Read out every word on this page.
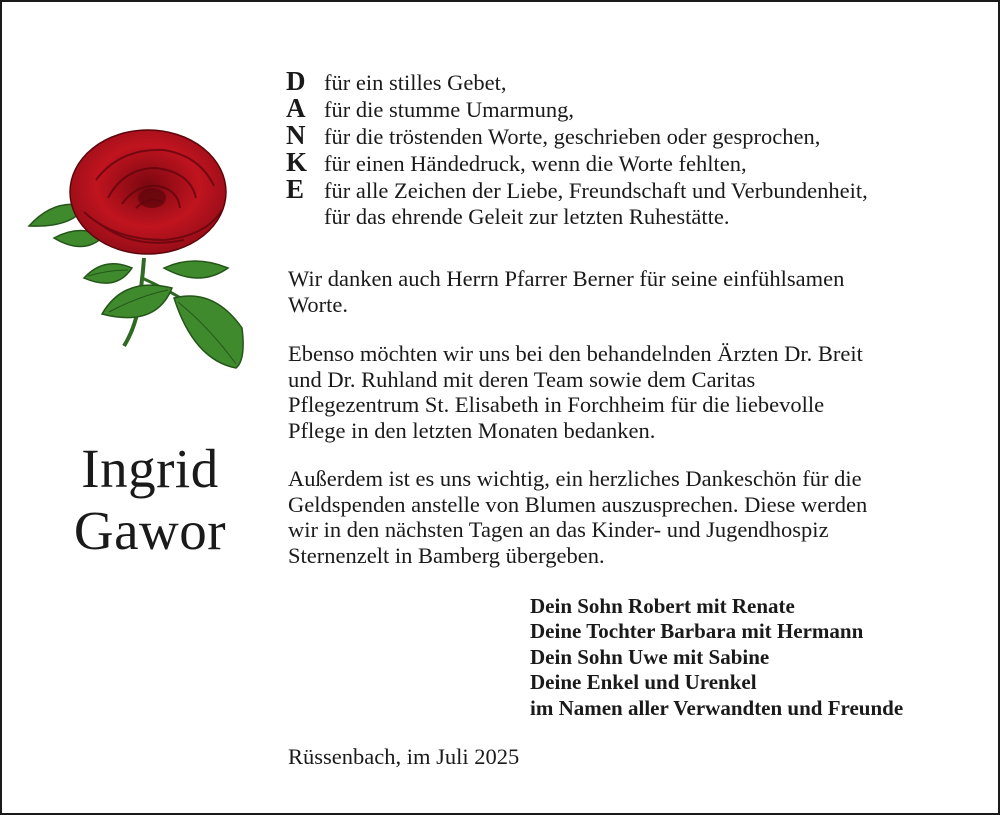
Ingrid
Gawor
D für ein stilles Gebet,
A für die stumme Umarmung,
N für die tröstenden Worte, geschrieben oder gesprochen,
K für einen Händedruck, wenn die Worte fehlten,
E für alle Zeichen der Liebe, Freundschaft und Verbundenheit,
für das ehrende Geleit zur letzten Ruhestätte.
Wir danken auch Herrn Pfarrer Berner für seine einfühlsamen
Worte.
Ebenso möchten wir uns bei den behandelnden Ärzten Dr. Breit
und Dr. Ruhland mit deren Team sowie dem Caritas
Pflegezentrum St. Elisabeth in Forchheim für die liebevolle
Pflege in den letzten Monaten bedanken.
Außerdem ist es uns wichtig, ein herzliches Dankeschön für die
Geldspenden anstelle von Blumen auszusprechen. Diese werden
wir in den nächsten Tagen an das Kinder- und Jugendhospiz
Sternenzelt in Bamberg übergeben.
Dein Sohn Robert mit Renate
Deine Tochter Barbara mit Hermann
Dein Sohn Uwe mit Sabine
Deine Enkel und Urenkel
im Namen aller Verwandten und Freunde
Rüssenbach, im Juli 2025
